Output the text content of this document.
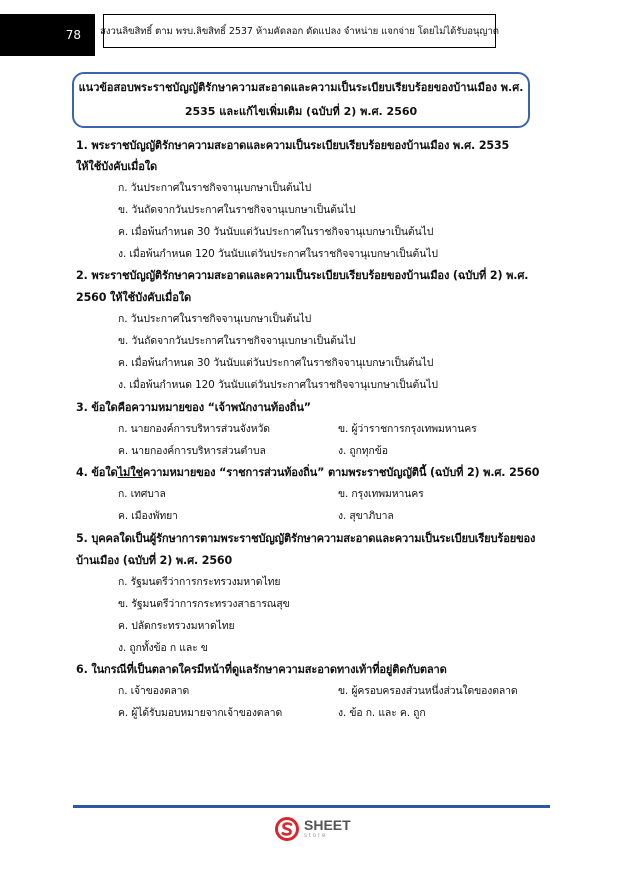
78	สงวนลิขสิทธิ์ ตาม พรบ.ลิขสิทธิ์ 2537 ห้ามคัดลอก ดัดแปลง จำหน่าย แจกจ่าย โดยไม่ได้รับอนุญาต
แนวข้อสอบพระราชบัญญัติรักษาความสะอาดและความเป็นระเบียบเรียบร้อยของบ้านเมือง พ.ศ.
2535 และแก้ไขเพิ่มเติม (ฉบับที่ 2) พ.ศ. 2560
1. พระราชบัญญัติรักษาความสะอาดและความเป็นระเบียบเรียบร้อยของบ้านเมือง พ.ศ. 2535
ให้ใช้บังคับเมื่อใด
ก. วันประกาศในราชกิจจานุเบกษาเป็นต้นไป
ข. วันถัดจากวันประกาศในราชกิจจานุเบกษาเป็นต้นไป
ค. เมื่อพ้นกำหนด 30 วันนับแต่วันประกาศในราชกิจจานุเบกษาเป็นต้นไป
ง. เมื่อพ้นกำหนด 120 วันนับแต่วันประกาศในราชกิจจานุเบกษาเป็นต้นไป
2. พระราชบัญญัติรักษาความสะอาดและความเป็นระเบียบเรียบร้อยของบ้านเมือง (ฉบับที่ 2) พ.ศ.
2560 ให้ใช้บังคับเมื่อใด
ก. วันประกาศในราชกิจจานุเบกษาเป็นต้นไป
ข. วันถัดจากวันประกาศในราชกิจจานุเบกษาเป็นต้นไป
ค. เมื่อพ้นกำหนด 30 วันนับแต่วันประกาศในราชกิจจานุเบกษาเป็นต้นไป
ง. เมื่อพ้นกำหนด 120 วันนับแต่วันประกาศในราชกิจจานุเบกษาเป็นต้นไป
3. ข้อใดคือความหมายของ “เจ้าพนักงานท้องถิ่น”
ก. นายกองค์การบริหารส่วนจังหวัด	ข. ผู้ว่าราชการกรุงเทพมหานคร
ค. นายกองค์การบริหารส่วนตำบล	ง. ถูกทุกข้อ
4. ข้อใดไม่ใช่ความหมายของ “ราชการส่วนท้องถิ่น” ตามพระราชบัญญัตินี้ (ฉบับที่ 2) พ.ศ. 2560
ก. เทศบาล	ข. กรุงเทพมหานคร
ค. เมืองพัทยา	ง. สุขาภิบาล
5. บุคคลใดเป็นผู้รักษาการตามพระราชบัญญัติรักษาความสะอาดและความเป็นระเบียบเรียบร้อยของ
บ้านเมือง (ฉบับที่ 2) พ.ศ. 2560
ก. รัฐมนตรีว่าการกระทรวงมหาดไทย
ข. รัฐมนตรีว่าการกระทรวงสาธารณสุข
ค. ปลัดกระทรวงมหาดไทย
ง. ถูกทั้งข้อ ก และ ข
6. ในกรณีที่เป็นตลาดใครมีหน้าที่ดูแลรักษาความสะอาดทางเท้าที่อยู่ติดกับตลาด
ก. เจ้าของตลาด	ข. ผู้ครอบครองส่วนหนึ่งส่วนใดของตลาด
ค. ผู้ได้รับมอบหมายจากเจ้าของตลาด	ง. ข้อ ก. และ ค. ถูก
SHEET
store
